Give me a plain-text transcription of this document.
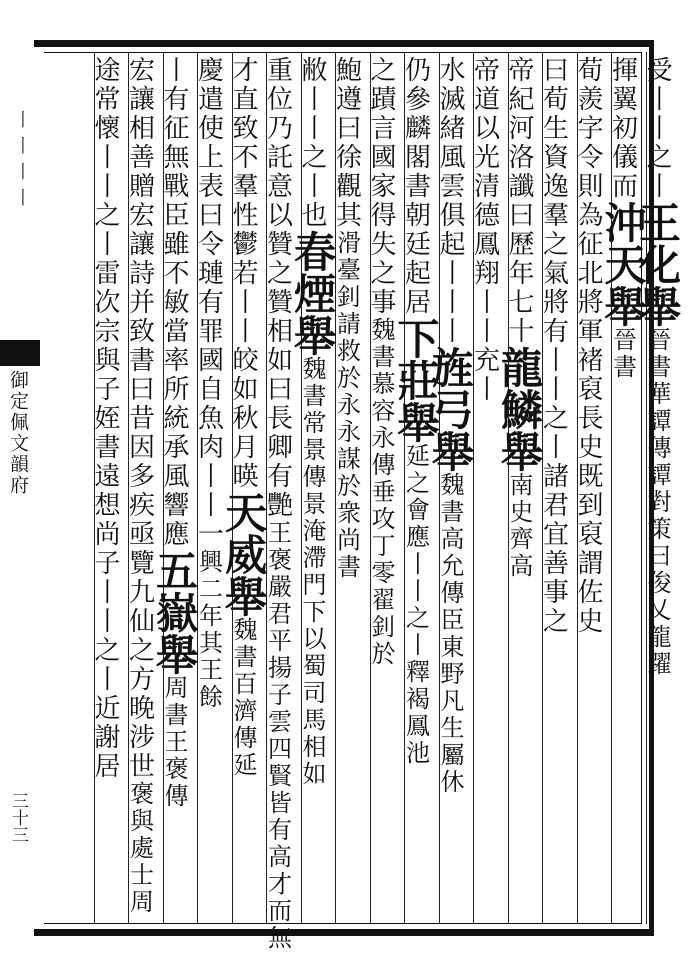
丨丨丨丨
御定佩文韻府
三十三
受丨丨之丨王化舉晉書華譚傳譚對策曰俊乂龍躍
揮翼初儀而沖天舉晉書
荀羨字令則為征北將軍褚裒長史既到裒謂佐史
曰荀生資逸羣之氣將有丨丨之丨諸君宜善事之
帝紀河洛讖曰歷年七十龍鱗舉南史齊高
帝道以光清德鳳翔丨丨充丨
水滅緒風雲俱起丨丨丨旌弓舉魏書高允傳臣東野凡生屬休
仍參麟閣書朝廷起居下莊舉延之會應丨丨之丨釋褐鳳池
之蹟言國家得失之事魏書慕容永傳垂攻丁零翟釗於
鮑遵曰徐觀其滑臺釗請救於永永謀於衆尚書
敝丨丨之丨也春煙舉魏書常景傳景淹滯門下以蜀司馬相如
重位乃託意以贊之贊相如曰長卿有艷王褒嚴君平揚子雲四賢皆有高才而無
才直致不羣性鬱若丨丨皎如秋月暎天威舉魏書百濟傳延
慶遣使上表曰令璉有罪國自魚肉丨丨一興二年其王餘
丨有征無戰臣雖不敏當率所統承風響應五嶽舉周書王褒傳
宏讓相善贈宏讓詩并致書曰昔因多疾亟覽九仙之方晚涉世褒與處士周
途常懷丨丨之丨雷次宗與子姪書遠想尚子丨丨之丨近謝居
